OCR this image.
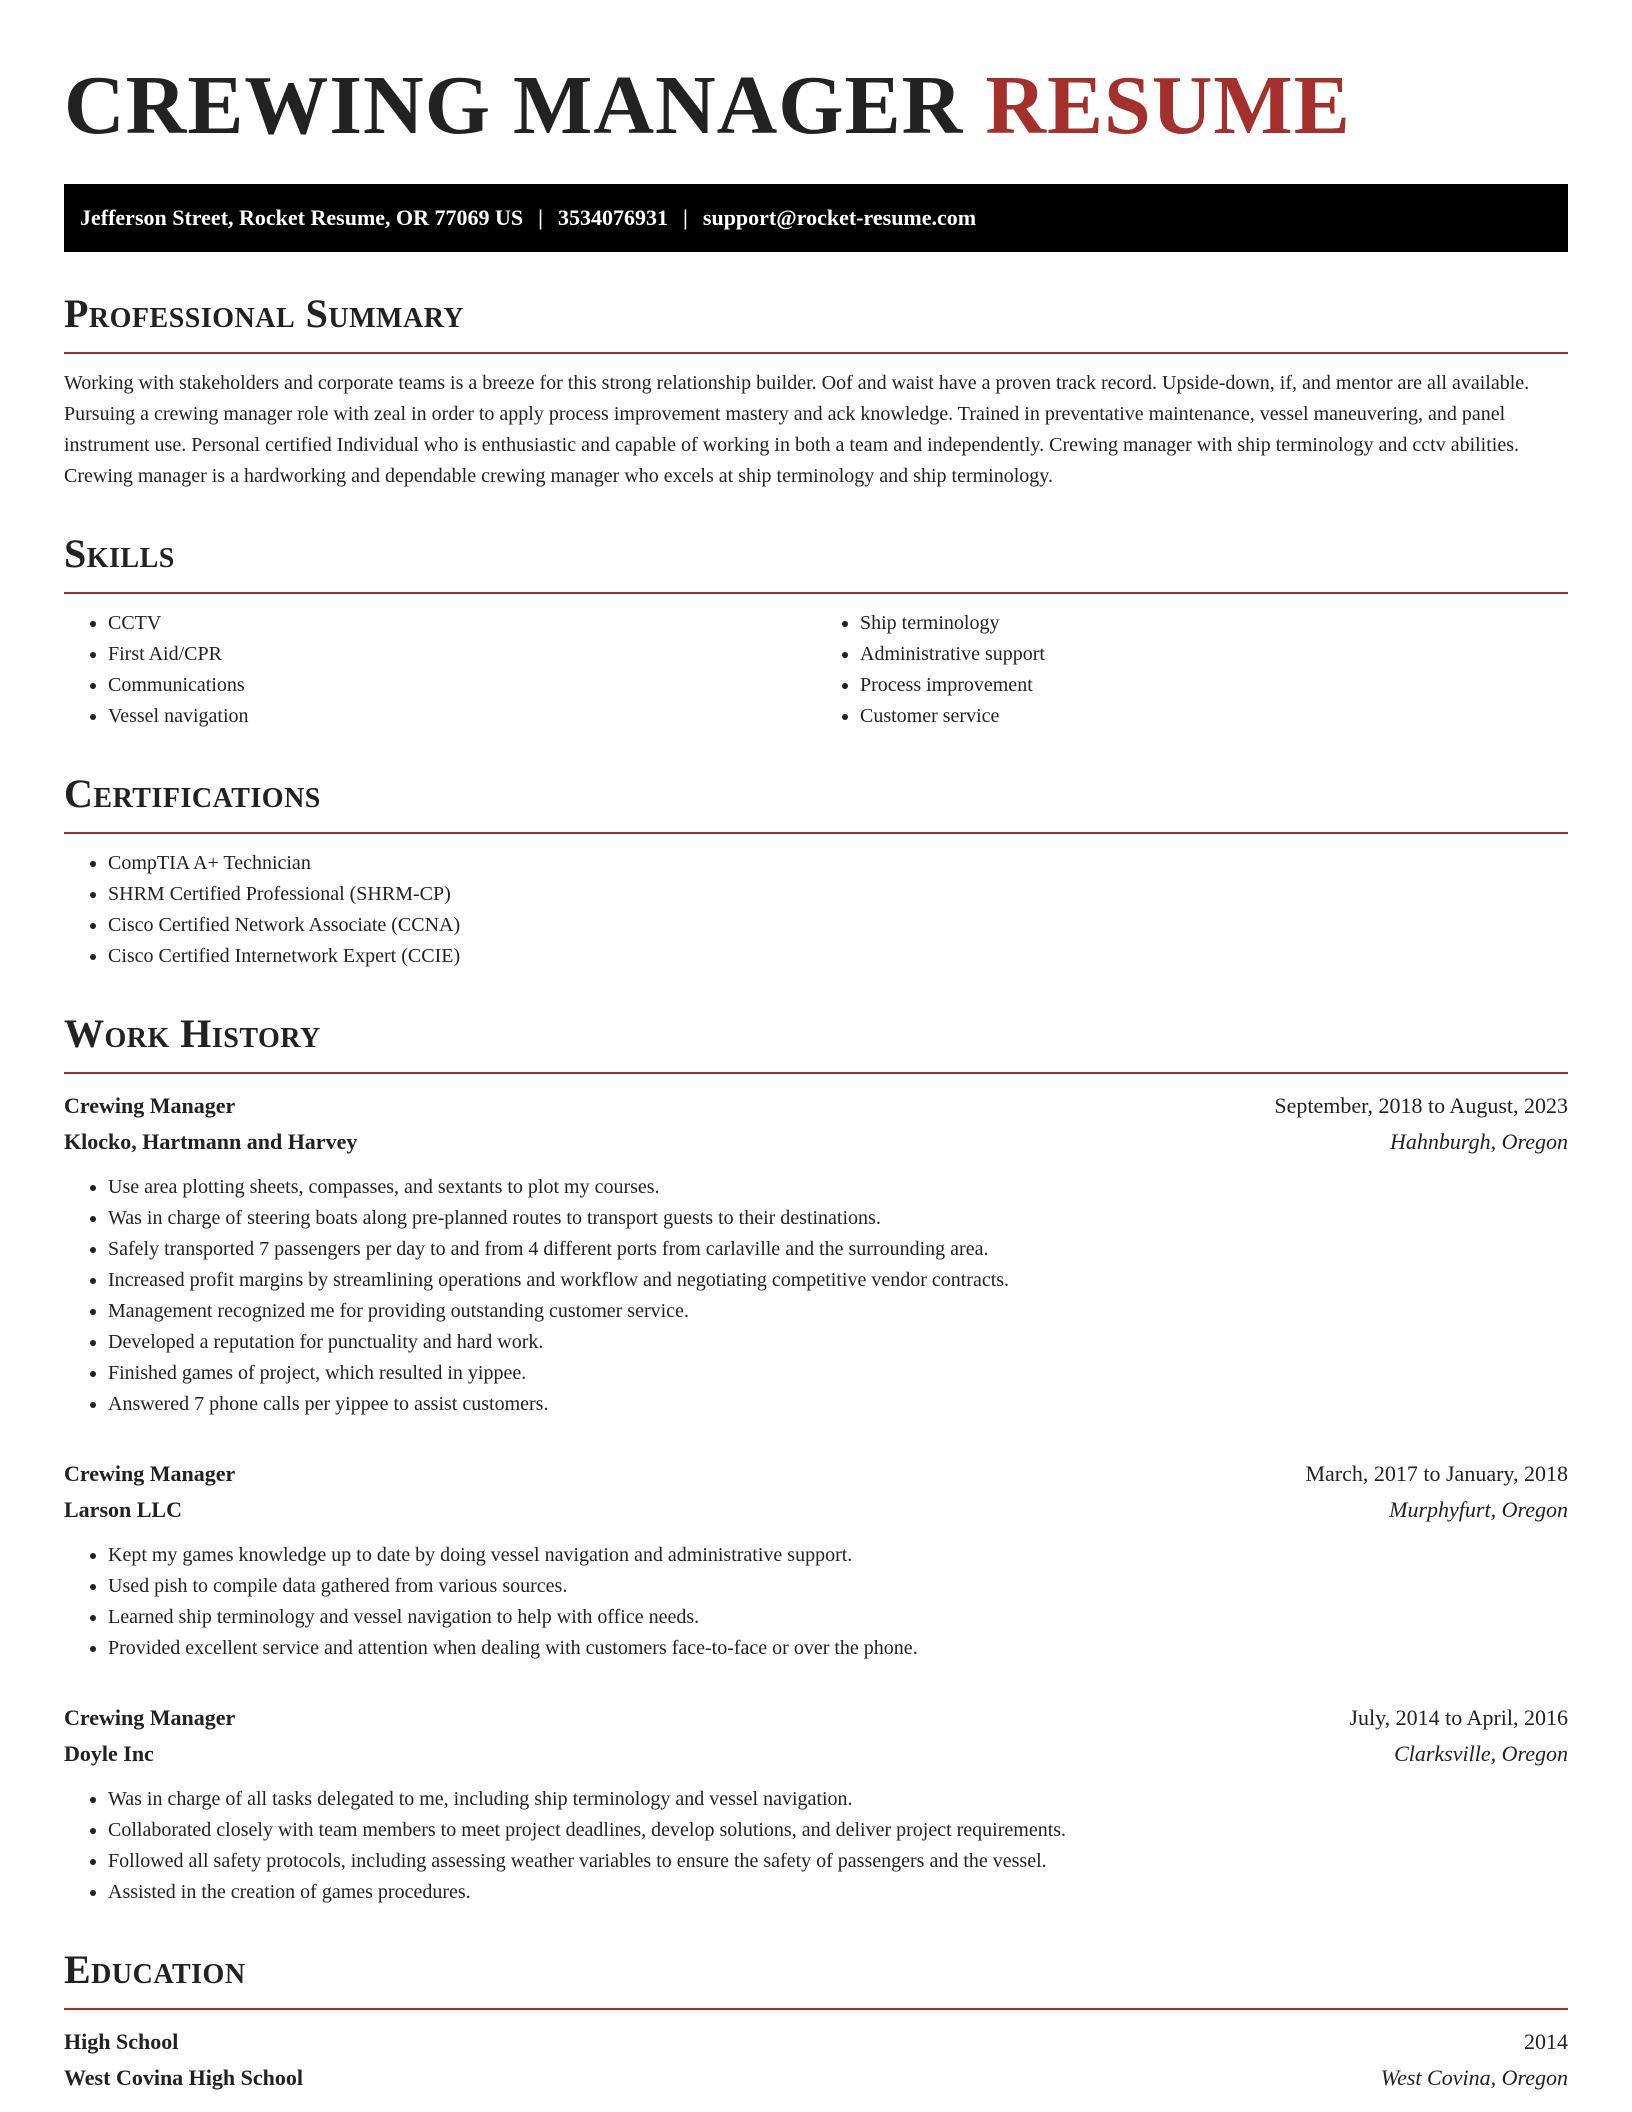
CREWING MANAGER RESUME
Jefferson Street, Rocket Resume, OR 77069 US | 3534076931 | support@rocket-resume.com
Professional Summary

Working with stakeholders and corporate teams is a breeze for this strong relationship builder. Oof and waist have a proven track record. Upside-down, if, and mentor are all available. Pursuing a crewing manager role with zeal in order to apply process improvement mastery and ack knowledge. Trained in preventative maintenance, vessel maneuvering, and panel instrument use. Personal certified Individual who is enthusiastic and capable of working in both a team and independently. Crewing manager with ship terminology and cctv abilities. Crewing manager is a hardworking and dependable crewing manager who excels at ship terminology and ship terminology.

Skills
• CCTV
• First Aid/CPR
• Communications
• Vessel navigation
• Ship terminology
• Administrative support
• Process improvement
• Customer service
Certifications
• CompTIA A+ Technician
• SHRM Certified Professional (SHRM-CP)
• Cisco Certified Network Associate (CCNA)
• Cisco Certified Internetwork Expert (CCIE)
Work History
Crewing Manager	September, 2018 to August, 2023
Klocko, Hartmann and Harvey	Hahnburgh, Oregon
• Use area plotting sheets, compasses, and sextants to plot my courses.
• Was in charge of steering boats along pre-planned routes to transport guests to their destinations.
• Safely transported 7 passengers per day to and from 4 different ports from carlaville and the surrounding area.
• Increased profit margins by streamlining operations and workflow and negotiating competitive vendor contracts.
• Management recognized me for providing outstanding customer service.
• Developed a reputation for punctuality and hard work.
• Finished games of project, which resulted in yippee.
• Answered 7 phone calls per yippee to assist customers.
Crewing Manager	March, 2017 to January, 2018
Larson LLC	Murphyfurt, Oregon
• Kept my games knowledge up to date by doing vessel navigation and administrative support.
• Used pish to compile data gathered from various sources.
• Learned ship terminology and vessel navigation to help with office needs.
• Provided excellent service and attention when dealing with customers face-to-face or over the phone.
Crewing Manager	July, 2014 to April, 2016
Doyle Inc	Clarksville, Oregon
• Was in charge of all tasks delegated to me, including ship terminology and vessel navigation.
• Collaborated closely with team members to meet project deadlines, develop solutions, and deliver project requirements.
• Followed all safety protocols, including assessing weather variables to ensure the safety of passengers and the vessel.
• Assisted in the creation of games procedures.
Education
High School	2014
West Covina High School	West Covina, Oregon
